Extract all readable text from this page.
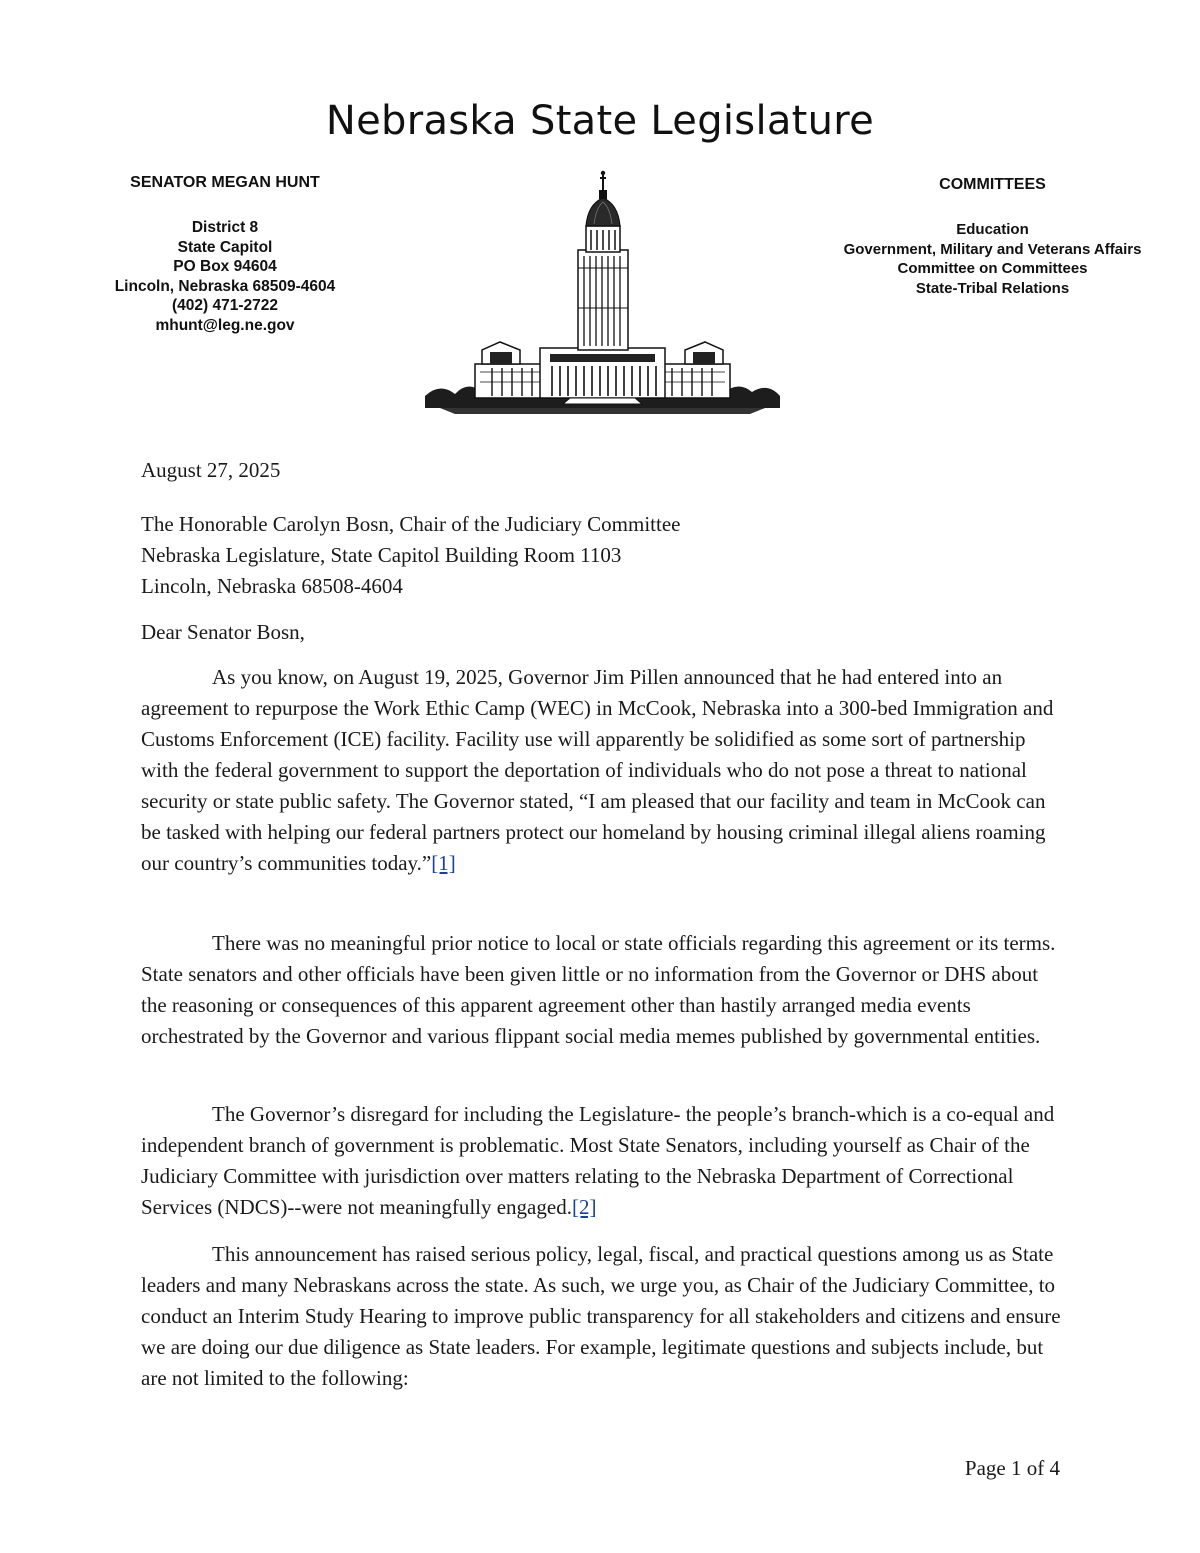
Nebraska State Legislature
SENATOR MEGAN HUNT
District 8
State Capitol
PO Box 94604
Lincoln, Nebraska 68509-4604
(402) 471-2722
mhunt@leg.ne.gov
COMMITTEES
Education
Government, Military and Veterans Affairs
Committee on Committees
State-Tribal Relations
August 27, 2025
The Honorable Carolyn Bosn, Chair of the Judiciary Committee
Nebraska Legislature, State Capitol Building Room 1103
Lincoln, Nebraska 68508-4604
Dear Senator Bosn,
As you know, on August 19, 2025, Governor Jim Pillen announced that he had entered into an agreement to repurpose the Work Ethic Camp (WEC) in McCook, Nebraska into a 300-bed Immigration and Customs Enforcement (ICE) facility. Facility use will apparently be solidified as some sort of partnership with the federal government to support the deportation of individuals who do not pose a threat to national security or state public safety. The Governor stated, “I am pleased that our facility and team in McCook can be tasked with helping our federal partners protect our homeland by housing criminal illegal aliens roaming our country’s communities today.”[1]
There was no meaningful prior notice to local or state officials regarding this agreement or its terms. State senators and other officials have been given little or no information from the Governor or DHS about the reasoning or consequences of this apparent agreement other than hastily arranged media events orchestrated by the Governor and various flippant social media memes published by governmental entities.
The Governor’s disregard for including the Legislature- the people’s branch-which is a co-equal and independent branch of government is problematic. Most State Senators, including yourself as Chair of the Judiciary Committee with jurisdiction over matters relating to the Nebraska Department of Correctional Services (NDCS)--were not meaningfully engaged.[2]
This announcement has raised serious policy, legal, fiscal, and practical questions among us as State leaders and many Nebraskans across the state. As such, we urge you, as Chair of the Judiciary Committee, to conduct an Interim Study Hearing to improve public transparency for all stakeholders and citizens and ensure we are doing our due diligence as State leaders. For example, legitimate questions and subjects include, but are not limited to the following:
Page 1 of 4
